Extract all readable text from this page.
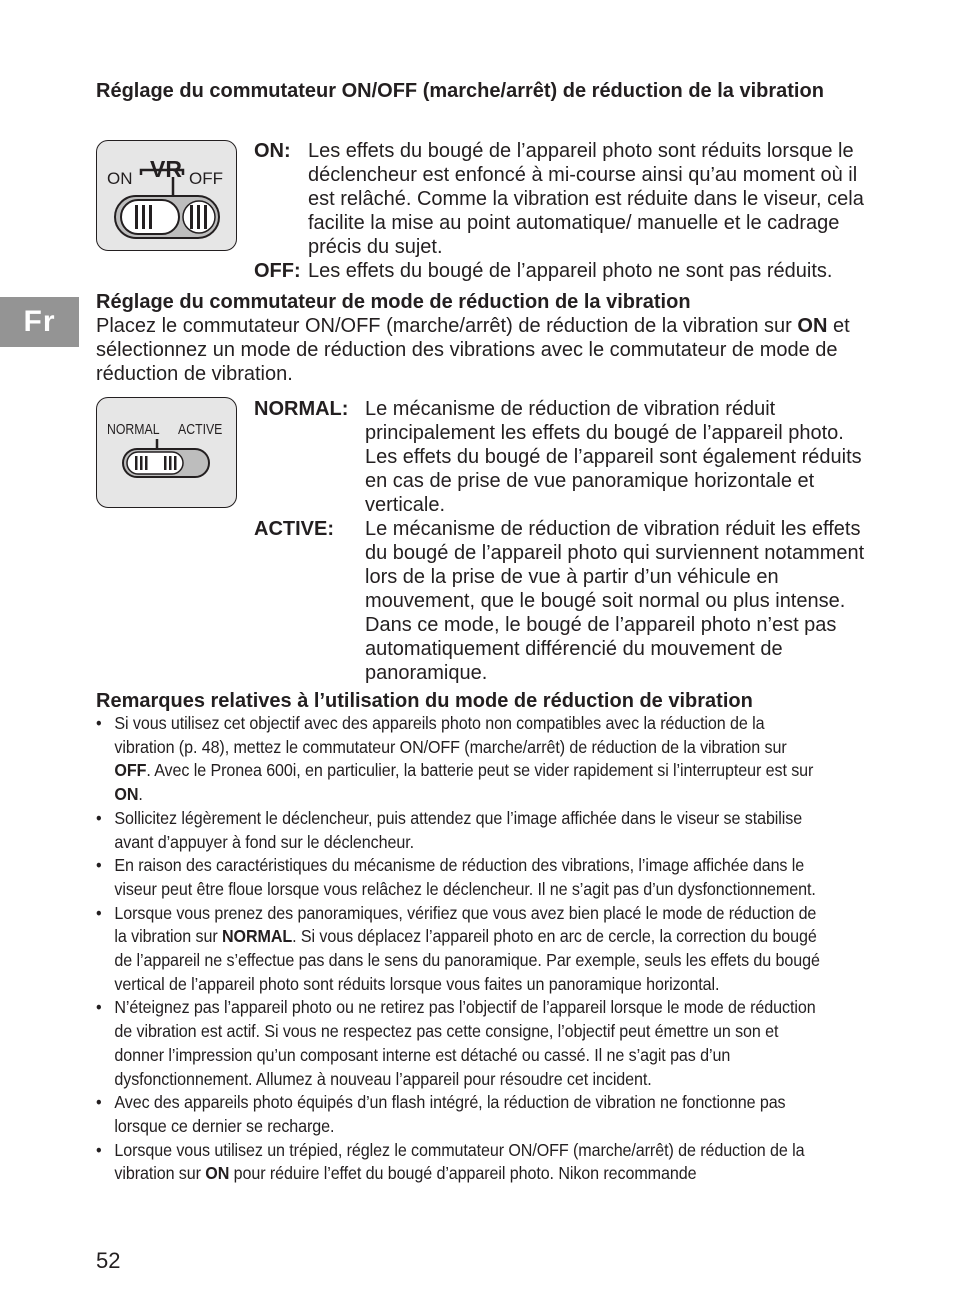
Fr

Réglage du commutateur ON/OFF (marche/arrêt) de réduction de la vibration

ON VR OFF
ON: Les effets du bougé de l’appareil photo sont réduits lorsque le déclencheur est enfoncé à mi-course ainsi qu’au moment où il est relâché. Comme la vibration est réduite dans le viseur, cela facilite la mise au point automatique/ manuelle et le cadrage précis du sujet.
OFF: Les effets du bougé de l’appareil photo ne sont pas réduits.

Réglage du commutateur de mode de réduction de la vibration

Placez le commutateur ON/OFF (marche/arrêt) de réduction de la vibration sur ON et sélectionnez un mode de réduction des vibrations avec le commutateur de mode de réduction de vibration.

NORMAL ACTIVE
NORMAL: Le mécanisme de réduction de vibration réduit principalement les effets du bougé de l’appareil photo. Les effets du bougé de l’appareil sont également réduits en cas de prise de vue panoramique horizontale et verticale.
ACTIVE:	Le mécanisme de réduction de vibration réduit les effets du bougé de l’appareil photo qui surviennent notamment lors de la prise de vue à partir d’un véhicule en mouvement, que le bougé soit normal ou plus intense. Dans ce mode, le bougé de l’appareil photo n’est pas automatiquement différencié du mouvement de panoramique.

Remarques relatives à l’utilisation du mode de réduction de vibration

• Si vous utilisez cet objectif avec des appareils photo non compatibles avec la réduction de la vibration (p. 48), mettez le commutateur ON/OFF (marche/arrêt) de réduction de la vibration sur OFF. Avec le Pronea 600i, en particulier, la batterie peut se vider rapidement si l’interrupteur est sur ON.
• Sollicitez légèrement le déclencheur, puis attendez que l’image affichée dans le viseur se stabilise avant d’appuyer à fond sur le déclencheur.
• En raison des caractéristiques du mécanisme de réduction des vibrations, l’image affichée dans le viseur peut être floue lorsque vous relâchez le déclencheur. Il ne s’agit pas d’un dysfonctionnement.
• Lorsque vous prenez des panoramiques, vérifiez que vous avez bien placé le mode de réduction de la vibration sur NORMAL. Si vous déplacez l’appareil photo en arc de cercle, la correction du bougé de l’appareil ne s’effectue pas dans le sens du panoramique. Par exemple, seuls les effets du bougé vertical de l’appareil photo sont réduits lorsque vous faites un panoramique horizontal.
• N’éteignez pas l’appareil photo ou ne retirez pas l’objectif de l’appareil lorsque le mode de réduction de vibration est actif. Si vous ne respectez pas cette consigne, l’objectif peut émettre un son et donner l’impression qu’un composant interne est détaché ou cassé. Il ne s’agit pas d’un dysfonctionnement. Allumez à nouveau l’appareil pour résoudre cet incident.
• Avec des appareils photo équipés d’un flash intégré, la réduction de vibration ne fonctionne pas lorsque ce dernier se recharge.
• Lorsque vous utilisez un trépied, réglez le commutateur ON/OFF (marche/arrêt) de réduction de la vibration sur ON pour réduire l’effet du bougé d’appareil photo. Nikon recommande
52
